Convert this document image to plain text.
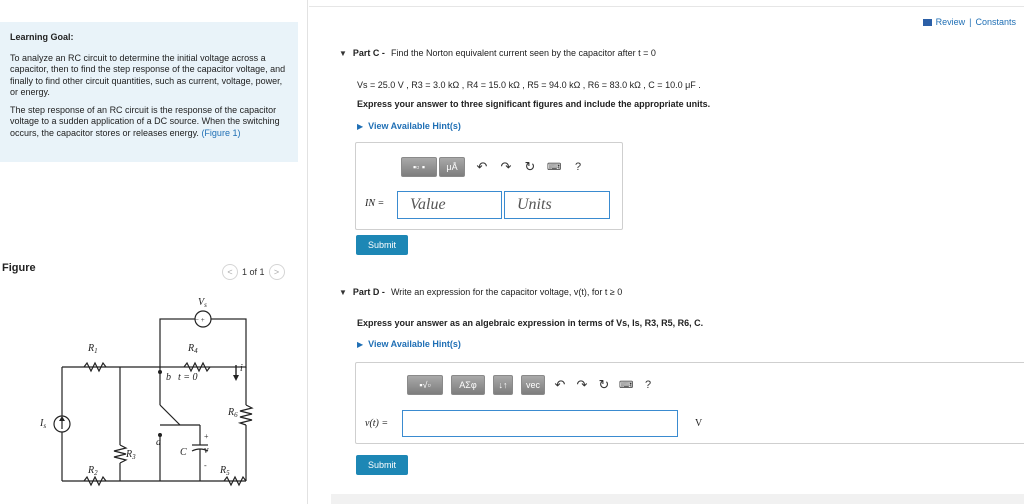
Learning Goal:
To analyze an RC circuit to determine the initial voltage across a capacitor, then to find the step response of the capacitor voltage, and finally to find other circuit quantities, such as current, voltage, power, or energy.
The step response of an RC circuit is the response of the capacitor voltage to a sudden application of a DC source. When the switching occurs, the capacitor stores or releases energy. (Figure 1)
Figure	<	1 of 1	>
$V_s$
− +
$R_1$	$R_4$
b t = 0
i
$R_6$
$I_s$
a
+
v
-
C
$R_3$
$R_2$	$R_5$
Review | Constants
▼ Part C - Find the Norton equivalent current seen by the capacitor after t = 0
Vs = 25.0 V , R3 = 3.0 kΩ , R4 = 15.0 kΩ , R5 = 94.0 kΩ , R6 = 83.0 kΩ , C = 10.0 μF .
Express your answer to three significant figures and include the appropriate units.
▶ View Available Hint(s)
▪▫ ▪	μÅ	↶ ↷ ↻ ⌨	?
IN =	Value	Units
Submit
▼ Part D - Write an expression for the capacitor voltage, v(t), for t ≥ 0
Express your answer as an algebraic expression in terms of Vs, Is, R3, R5, R6, C.
▶ View Available Hint(s)
▪√▫	ΑΣφ	↓↑	vec	↶ ↷ ↻ ⌨	?
v(t) =	V
Submit
